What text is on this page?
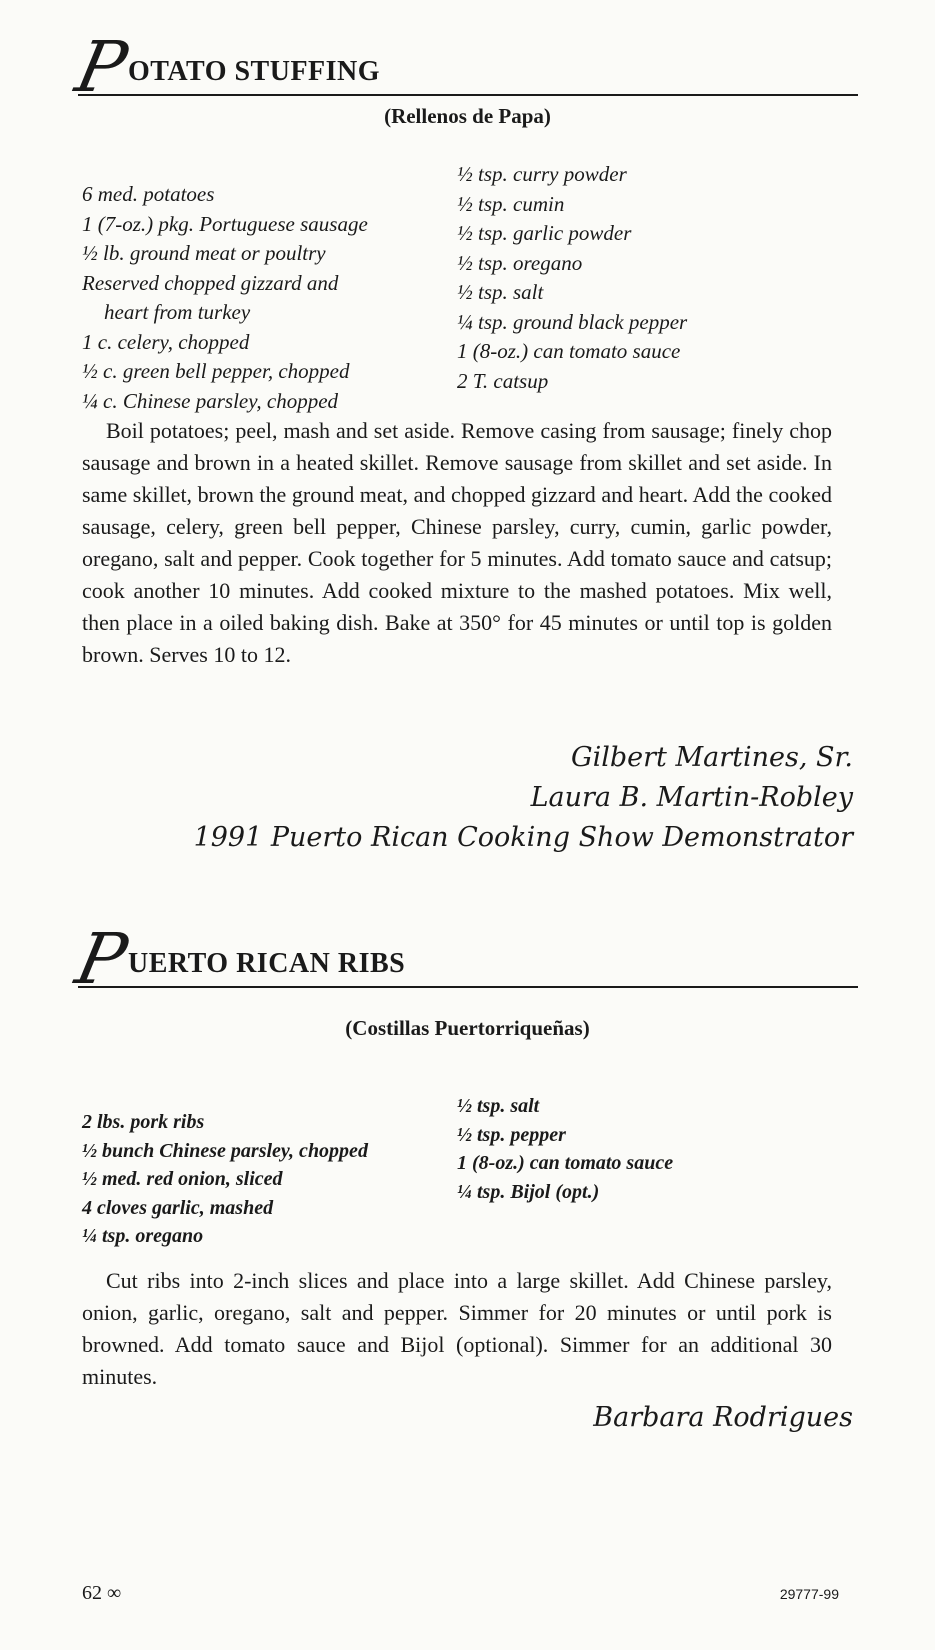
P
OTATO STUFFING
(Rellenos de Papa)
6 med. potatoes
1 (7-oz.) pkg. Portuguese sausage
½ lb. ground meat or poultry
Reserved chopped gizzard and
heart from turkey
1 c. celery, chopped
½ c. green bell pepper, chopped
¼ c. Chinese parsley, chopped
½ tsp. curry powder
½ tsp. cumin
½ tsp. garlic powder
½ tsp. oregano
½ tsp. salt
¼ tsp. ground black pepper
1 (8-oz.) can tomato sauce
2 T. catsup

Boil potatoes; peel, mash and set aside. Remove casing from sausage; finely chop sausage and brown in a heated skillet. Remove sausage from skillet and set aside. In same skillet, brown the ground meat, and chopped gizzard and heart. Add the cooked sausage, celery, green bell pepper, Chinese parsley, curry, cumin, garlic powder, oregano, salt and pepper. Cook together for 5 minutes. Add tomato sauce and catsup; cook another 10 minutes. Add cooked mixture to the mashed potatoes. Mix well, then place in a oiled baking dish. Bake at 350° for 45 minutes or until top is golden brown. Serves 10 to 12.

Gilbert Martines, Sr.
Laura B. Martin-Robley
1991 Puerto Rican Cooking Show Demonstrator
P
UERTO RICAN RIBS
(Costillas Puertorriqueñas)
2 lbs. pork ribs
½ bunch Chinese parsley, chopped
½ med. red onion, sliced
4 cloves garlic, mashed
¼ tsp. oregano
½ tsp. salt
½ tsp. pepper
1 (8-oz.) can tomato sauce
¼ tsp. Bijol (opt.)

Cut ribs into 2-inch slices and place into a large skillet. Add Chinese parsley, onion, garlic, oregano, salt and pepper. Simmer for 20 minutes or until pork is browned. Add tomato sauce and Bijol (optional). Simmer for an additional 30 minutes.

Barbara Rodrigues
62 ∞	29777-99
